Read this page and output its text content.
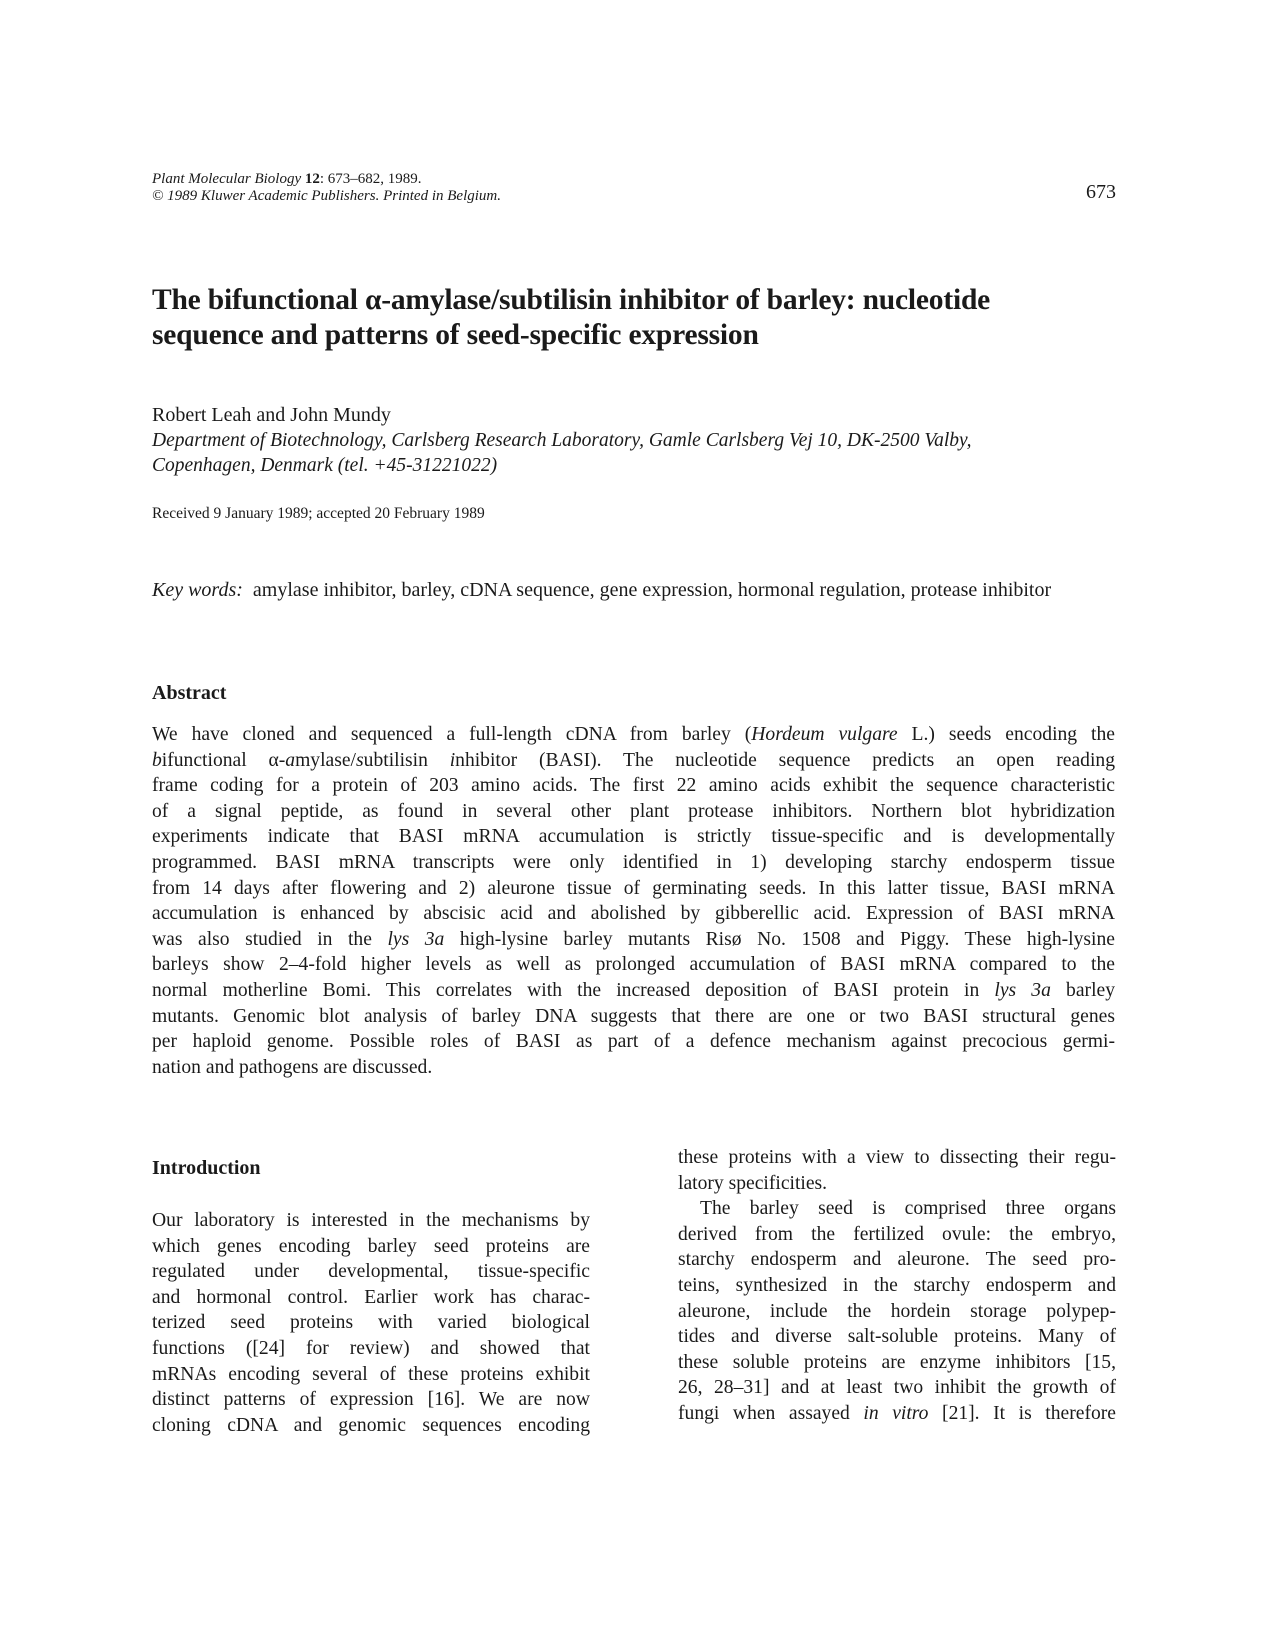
Plant Molecular Biology 12: 673–682, 1989.
© 1989 Kluwer Academic Publishers. Printed in Belgium.	673
The bifunctional α-amylase/subtilisin inhibitor of barley: nucleotide
sequence and patterns of seed-specific expression
Robert Leah and John Mundy
Department of Biotechnology, Carlsberg Research Laboratory, Gamle Carlsberg Vej 10, DK-2500 Valby,
Copenhagen, Denmark (tel. +45-31221022)
Received 9 January 1989; accepted 20 February 1989
Key words: amylase inhibitor, barley, cDNA sequence, gene expression, hormonal regulation, protease inhibitor
Abstract
We have cloned and sequenced a full-length cDNA from barley (Hordeum vulgare L.) seeds encoding the
bifunctional α-amylase/subtilisin inhibitor (BASI). The nucleotide sequence predicts an open reading
frame coding for a protein of 203 amino acids. The first 22 amino acids exhibit the sequence characteristic
of a signal peptide, as found in several other plant protease inhibitors. Northern blot hybridization
experiments indicate that BASI mRNA accumulation is strictly tissue-specific and is developmentally
programmed. BASI mRNA transcripts were only identified in 1) developing starchy endosperm tissue
from 14 days after flowering and 2) aleurone tissue of germinating seeds. In this latter tissue, BASI mRNA
accumulation is enhanced by abscisic acid and abolished by gibberellic acid. Expression of BASI mRNA
was also studied in the lys 3a high-lysine barley mutants Risø No. 1508 and Piggy. These high-lysine
barleys show 2–4-fold higher levels as well as prolonged accumulation of BASI mRNA compared to the
normal motherline Bomi. This correlates with the increased deposition of BASI protein in lys 3a barley
mutants. Genomic blot analysis of barley DNA suggests that there are one or two BASI structural genes
per haploid genome. Possible roles of BASI as part of a defence mechanism against precocious germi-
nation and pathogens are discussed.
Introduction
Our laboratory is interested in the mechanisms by
which genes encoding barley seed proteins are
regulated under developmental, tissue-specific
and hormonal control. Earlier work has charac-
terized seed proteins with varied biological
functions ([24] for review) and showed that
mRNAs encoding several of these proteins exhibit
distinct patterns of expression [16]. We are now
cloning cDNA and genomic sequences encoding
these proteins with a view to dissecting their regu-
latory specificities.
The barley seed is comprised three organs
derived from the fertilized ovule: the embryo,
starchy endosperm and aleurone. The seed pro-
teins, synthesized in the starchy endosperm and
aleurone, include the hordein storage polypep-
tides and diverse salt-soluble proteins. Many of
these soluble proteins are enzyme inhibitors [15,
26, 28–31] and at least two inhibit the growth of
fungi when assayed in vitro [21]. It is therefore
